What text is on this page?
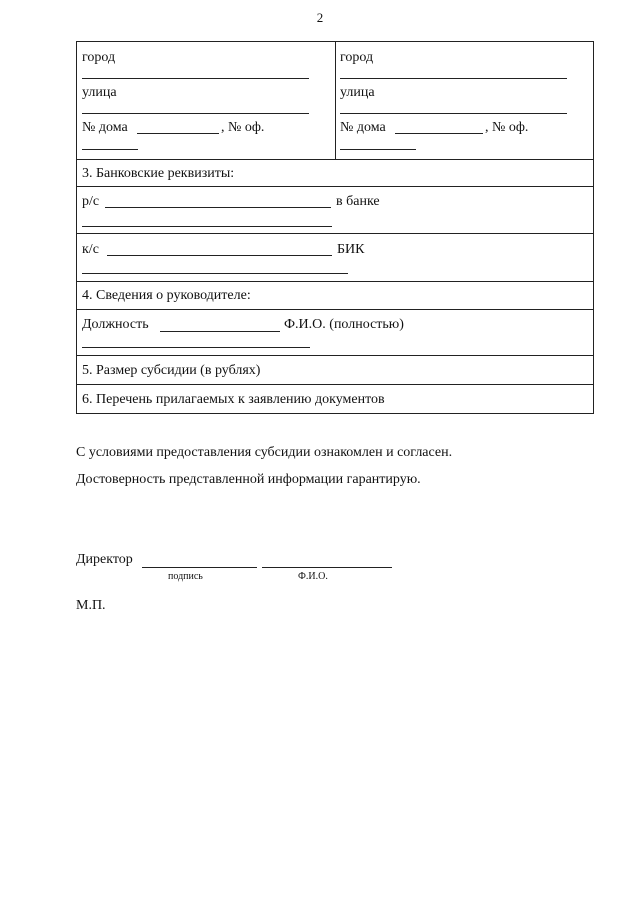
2
город
улица
№ дома	, № оф.
город
улица
№ дома	, № оф.
3. Банковские реквизиты:
р/с	в банке
к/с	БИК
4. Сведения о руководителе:
Должность	Ф.И.О. (полностью)
5. Размер субсидии (в рублях)
6. Перечень прилагаемых к заявлению документов
С условиями предоставления субсидии ознакомлен и согласен.
Достоверность представленной информации гарантирую.
Директор
подпись	Ф.И.О.
М.П.
